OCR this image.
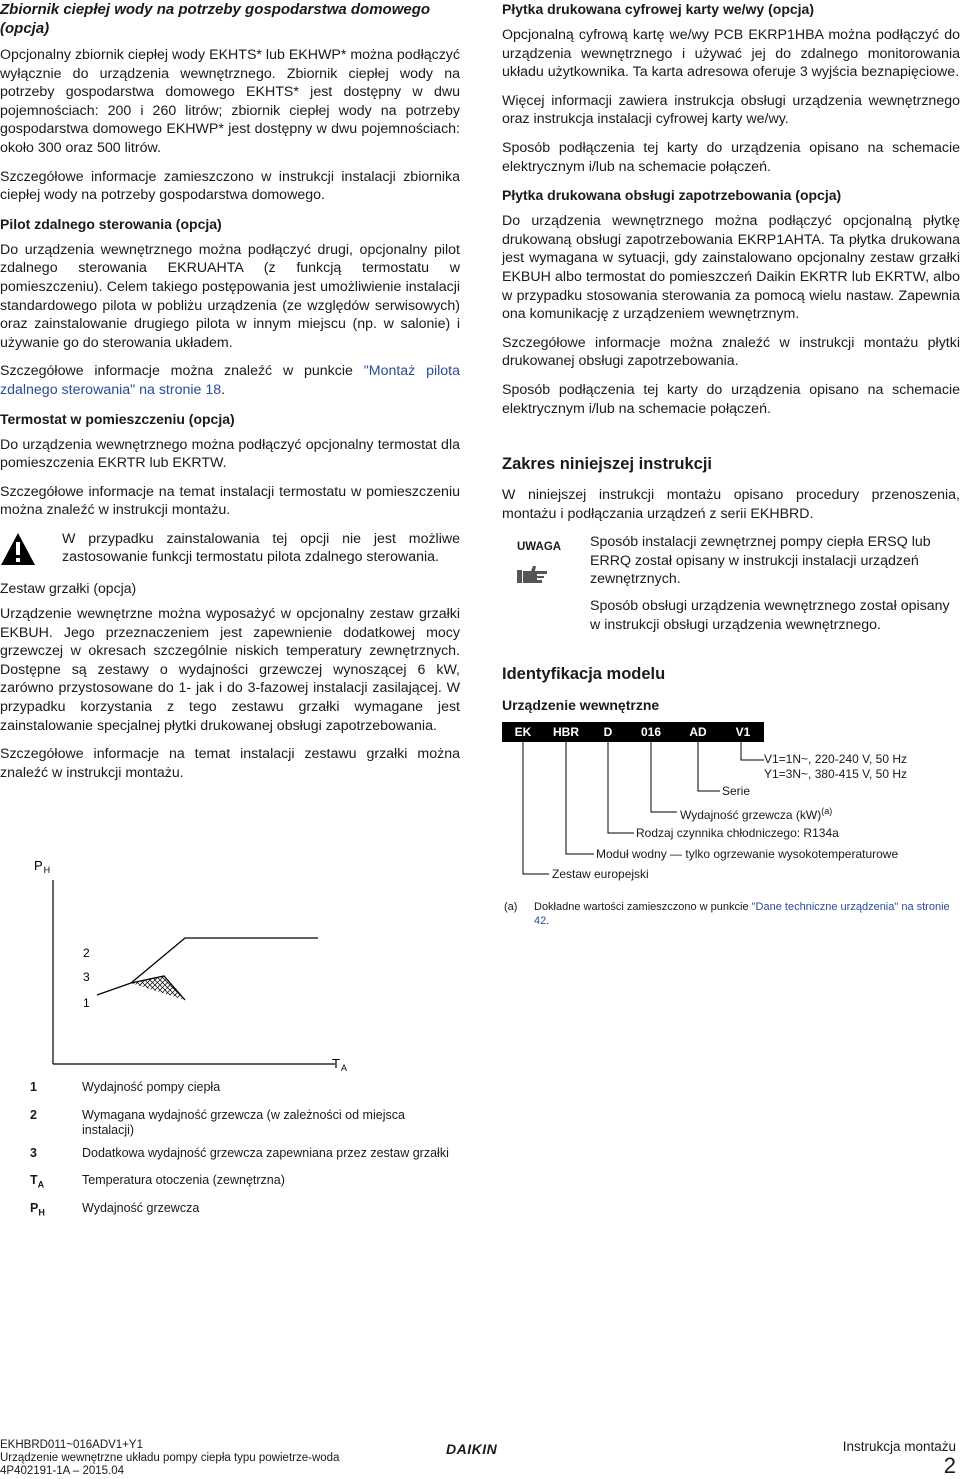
Zbiornik ciepłej wody na potrzeby gospodarstwa domowego (opcja)

Opcjonalny zbiornik ciepłej wody EKHTS* lub EKHWP* można podłączyć wyłącznie do urządzenia wewnętrznego. Zbiornik ciepłej wody na potrzeby gospodarstwa domowego EKHTS* jest dostępny w dwu pojemnościach: 200 i 260 litrów; zbiornik ciepłej wody na potrzeby gospodarstwa domowego EKHWP* jest dostępny w dwu pojemnościach: około 300 oraz 500 litrów.

Szczegółowe informacje zamieszczono w instrukcji instalacji zbiornika ciepłej wody na potrzeby gospodarstwa domowego.

Pilot zdalnego sterowania (opcja)

Do urządzenia wewnętrznego można podłączyć drugi, opcjonalny pilot zdalnego sterowania EKRUAHTA (z funkcją termostatu w pomieszczeniu). Celem takiego postępowania jest umożliwienie instalacji standardowego pilota w pobliżu urządzenia (ze względów serwisowych) oraz zainstalowanie drugiego pilota w innym miejscu (np. w salonie) i używanie go do sterowania układem.

Szczegółowe informacje można znaleźć w punkcie "Montaż pilota zdalnego sterowania" na stronie 18.

Termostat w pomieszczeniu (opcja)

Do urządzenia wewnętrznego można podłączyć opcjonalny termostat dla pomieszczenia EKRTR lub EKRTW.

Szczegółowe informacje na temat instalacji termostatu w pomieszczeniu można znaleźć w instrukcji montażu.

W przypadku zainstalowania tej opcji nie jest możliwe zastosowanie funkcji termostatu pilota zdalnego sterowania.

Zestaw grzałki (opcja)

Urządzenie wewnętrzne można wyposażyć w opcjonalny zestaw grzałki EKBUH. Jego przeznaczeniem jest zapewnienie dodatkowej mocy grzewczej w okresach szczególnie niskich temperatury zewnętrznych. Dostępne są zestawy o wydajności grzewczej wynoszącej 6 kW, zarówno przystosowane do 1- jak i do 3-fazowej instalacji zasilającej. W przypadku korzystania z tego zestawu grzałki wymagane jest zainstalowanie specjalnej płytki drukowanej obsługi zapotrzebowania.

Szczegółowe informacje na temat instalacji zestawu grzałki można znaleźć w instrukcji montażu.

$P_H$
2
3
1
$T_A$
1	Wydajność pompy ciepła
2	Wymagana wydajność grzewcza (w zależności od miejsca instalacji)
3	Dodatkowa wydajność grzewcza zapewniana przez zestaw grzałki
$T_A$	Temperatura otoczenia (zewnętrzna)
$P_H$	Wydajność grzewcza
Płytka drukowana cyfrowej karty we/wy (opcja)

Opcjonalną cyfrową kartę we/wy PCB EKRP1HBA można podłączyć do urządzenia wewnętrznego i używać jej do zdalnego monitorowania układu użytkownika. Ta karta adresowa oferuje 3 wyjścia beznapięciowe.

Więcej informacji zawiera instrukcja obsługi urządzenia wewnętrznego oraz instrukcja instalacji cyfrowej karty we/wy.

Sposób podłączenia tej karty do urządzenia opisano na schemacie elektrycznym i/lub na schemacie połączeń.

Płytka drukowana obsługi zapotrzebowania (opcja)

Do urządzenia wewnętrznego można podłączyć opcjonalną płytkę drukowaną obsługi zapotrzebowania EKRP1AHTA. Ta płytka drukowana jest wymagana w sytuacji, gdy zainstalowano opcjonalny zestaw grzałki EKBUH albo termostat do pomieszczeń Daikin EKRTR lub EKRTW, albo w przypadku stosowania sterowania za pomocą wielu nastaw. Zapewnia ona komunikację z urządzeniem wewnętrznym.

Szczegółowe informacje można znaleźć w instrukcji montażu płytki drukowanej obsługi zapotrzebowania.

Sposób podłączenia tej karty do urządzenia opisano na schemacie elektrycznym i/lub na schemacie połączeń.

Zakres niniejszej instrukcji

W niniejszej instrukcji montażu opisano procedury przenoszenia, montażu i podłączania urządzeń z serii EKHBRD.

UWAGA	Sposób instalacji zewnętrznej pompy ciepła ERSQ lub ERRQ został opisany w instrukcji instalacji urządzeń zewnętrznych.

Sposób obsługi urządzenia wewnętrznego został opisany w instrukcji obsługi urządzenia wewnętrznego.

Identyfikacja modelu
Urządzenie wewnętrzne
EK	HBR	D	016	AD	V1
V1=1N~, 220-240 V, 50 Hz
Y1=3N~, 380-415 V, 50 Hz
Serie
Wydajność grzewcza (kW)$^{(a)}$
Rodzaj czynnika chłodniczego: R134a
Moduł wodny — tylko ogrzewanie wysokotemperaturowe
Zestaw europejski
(a)	Dokładne wartości zamieszczono w punkcie "Dane techniczne urządzenia" na stronie 42.
EKHBRD011~016ADV1+Y1
Urządzenie wewnętrzne układu pompy ciepła typu powietrze-woda
4P402191-1A – 2015.04
DAIKIN	Instrukcja montażu
2
